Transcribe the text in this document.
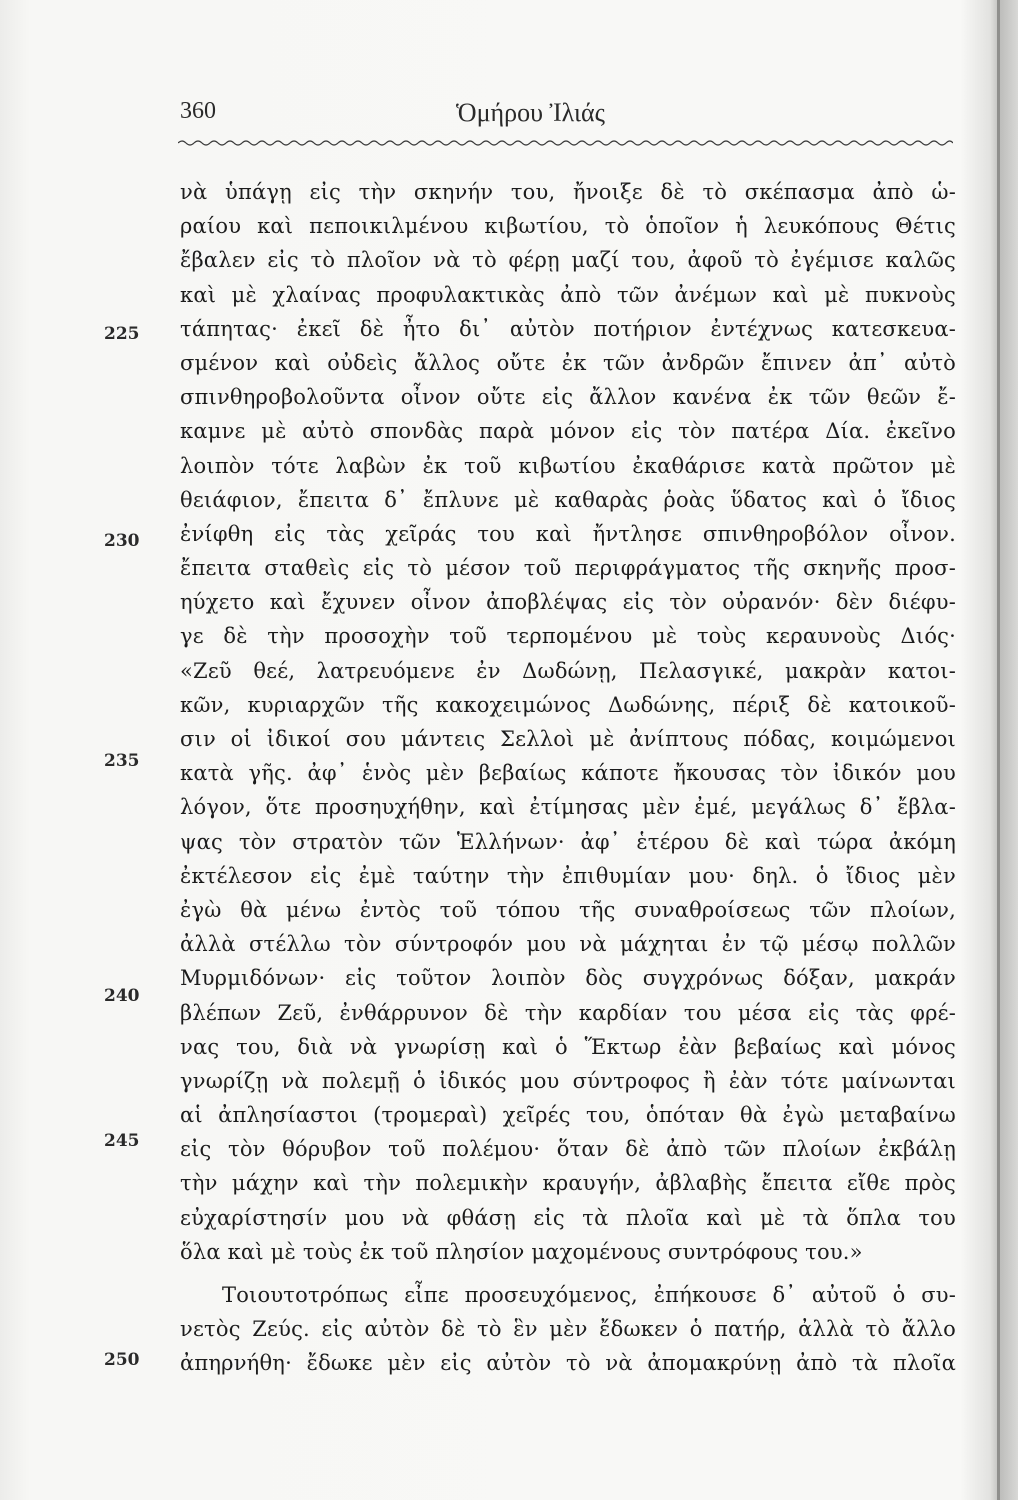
360	Ὁμήρου Ἰλιάς
225
230
235
240
245
250
νὰ ὑπάγῃ εἰς τὴν σκηνήν του, ἤνοιξε δὲ τὸ σκέπασμα ἀπὸ ὡ-
ραίου καὶ πεποικιλμένου κιβωτίου, τὸ ὁποῖον ἡ λευκόπους Θέτις
ἔβαλεν εἰς τὸ πλοῖον νὰ τὸ φέρῃ μαζί του, ἀφοῦ τὸ ἐγέμισε καλῶς
καὶ μὲ χλαίνας προφυλακτικὰς ἀπὸ τῶν ἀνέμων καὶ μὲ πυκνοὺς
τάπητας· ἐκεῖ δὲ ἦτο δι᾽ αὐτὸν ποτήριον ἐντέχνως κατεσκευα-
σμένον καὶ οὐδεὶς ἄλλος οὔτε ἐκ τῶν ἀνδρῶν ἔπινεν ἀπ᾽ αὐτὸ
σπινθηροβολοῦντα οἶνον οὔτε εἰς ἄλλον κανένα ἐκ τῶν θεῶν ἔ-
καμνε μὲ αὐτὸ σπονδὰς παρὰ μόνον εἰς τὸν πατέρα Δία. ἐκεῖνο
λοιπὸν τότε λαβὼν ἐκ τοῦ κιβωτίου ἐκαθάρισε κατὰ πρῶτον μὲ
θειάφιον, ἔπειτα δ᾽ ἔπλυνε μὲ καθαρὰς ῥοὰς ὕδατος καὶ ὁ ἴδιος
ἐνίφθη εἰς τὰς χεῖράς του καὶ ἤντλησε σπινθηροβόλον οἶνον.
ἔπειτα σταθεὶς εἰς τὸ μέσον τοῦ περιφράγματος τῆς σκηνῆς προσ-
ηύχετο καὶ ἔχυνεν οἶνον ἀποβλέψας εἰς τὸν οὐρανόν· δὲν διέφυ-
γε δὲ τὴν προσοχὴν τοῦ τερπομένου μὲ τοὺς κεραυνοὺς Διός·
«Ζεῦ θεέ, λατρευόμενε ἐν Δωδώνῃ, Πελασγικέ, μακρὰν κατοι-
κῶν, κυριαρχῶν τῆς κακοχειμώνος Δωδώνης, πέριξ δὲ κατοικοῦ-
σιν οἱ ἰδικοί σου μάντεις Σελλοὶ μὲ ἀνίπτους πόδας, κοιμώμενοι
κατὰ γῆς. ἀφ᾽ ἑνὸς μὲν βεβαίως κάποτε ἤκουσας τὸν ἰδικόν μου
λόγον, ὅτε προσηυχήθην, καὶ ἐτίμησας μὲν ἐμέ, μεγάλως δ᾽ ἔβλα-
ψας τὸν στρατὸν τῶν Ἑλλήνων· ἀφ᾽ ἑτέρου δὲ καὶ τώρα ἀκόμη
ἐκτέλεσον εἰς ἐμὲ ταύτην τὴν ἐπιθυμίαν μου· δηλ. ὁ ἴδιος μὲν
ἐγὼ θὰ μένω ἐντὸς τοῦ τόπου τῆς συναθροίσεως τῶν πλοίων,
ἀλλὰ στέλλω τὸν σύντροφόν μου νὰ μάχηται ἐν τῷ μέσῳ πολλῶν
Μυρμιδόνων· εἰς τοῦτον λοιπὸν δὸς συγχρόνως δόξαν, μακράν
βλέπων Ζεῦ, ἐνθάρρυνον δὲ τὴν καρδίαν του μέσα εἰς τὰς φρέ-
νας του, διὰ νὰ γνωρίσῃ καὶ ὁ Ἕκτωρ ἐὰν βεβαίως καὶ μόνος
γνωρίζῃ νὰ πολεμῇ ὁ ἰδικός μου σύντροφος ἢ ἐὰν τότε μαίνωνται
αἱ ἀπλησίαστοι (τρομεραὶ) χεῖρές του, ὁπόταν θὰ ἐγὼ μεταβαίνω
εἰς τὸν θόρυβον τοῦ πολέμου· ὅταν δὲ ἀπὸ τῶν πλοίων ἐκβάλῃ
τὴν μάχην καὶ τὴν πολεμικὴν κραυγήν, ἀβλαβὴς ἔπειτα εἴθε πρὸς
εὐχαρίστησίν μου νὰ φθάσῃ εἰς τὰ πλοῖα καὶ μὲ τὰ ὅπλα του
ὅλα καὶ μὲ τοὺς ἐκ τοῦ πλησίον μαχομένους συντρόφους του.»
Τοιουτοτρόπως εἶπε προσευχόμενος, ἐπήκουσε δ᾽ αὐτοῦ ὁ συ-
νετὸς Ζεύς. εἰς αὐτὸν δὲ τὸ ἓν μὲν ἔδωκεν ὁ πατήρ, ἀλλὰ τὸ ἄλλο
ἀπηρνήθη· ἔδωκε μὲν εἰς αὐτὸν τὸ νὰ ἀπομακρύνῃ ἀπὸ τὰ πλοῖα
